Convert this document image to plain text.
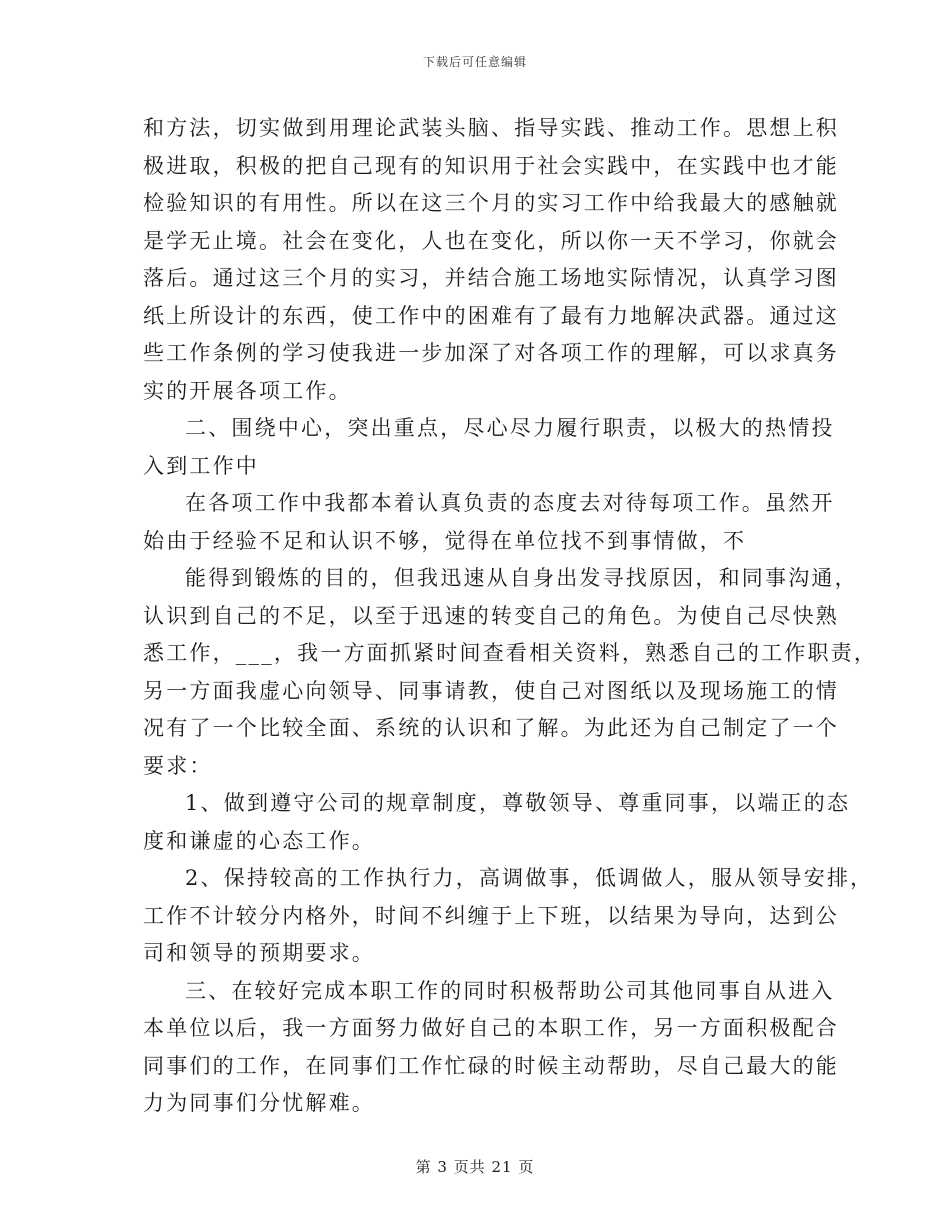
下载后可任意编辑
和方法，切实做到用理论武装头脑、指导实践、推动工作。思想上积
极进取，积极的把自己现有的知识用于社会实践中，在实践中也才能
检验知识的有用性。所以在这三个月的实习工作中给我最大的感触就
是学无止境。社会在变化，人也在变化，所以你一天不学习，你就会
落后。通过这三个月的实习，并结合施工场地实际情况，认真学习图
纸上所设计的东西，使工作中的困难有了最有力地解决武器。通过这
些工作条例的学习使我进一步加深了对各项工作的理解，可以求真务
实的开展各项工作。
二、围绕中心，突出重点，尽心尽力履行职责，以极大的热情投
入到工作中
在各项工作中我都本着认真负责的态度去对待每项工作。虽然开
始由于经验不足和认识不够，觉得在单位找不到事情做，不
能得到锻炼的目的，但我迅速从自身出发寻找原因，和同事沟通，
认识到自己的不足，以至于迅速的转变自己的角色。为使自己尽快熟
悉工作，___，我一方面抓紧时间查看相关资料，熟悉自己的工作职责，
另一方面我虚心向领导、同事请教，使自己对图纸以及现场施工的情
况有了一个比较全面、系统的认识和了解。为此还为自己制定了一个
要求：
1、做到遵守公司的规章制度，尊敬领导、尊重同事，以端正的态
度和谦虚的心态工作。
2、保持较高的工作执行力，高调做事，低调做人，服从领导安排，
工作不计较分内格外，时间不纠缠于上下班，以结果为导向，达到公
司和领导的预期要求。
三、在较好完成本职工作的同时积极帮助公司其他同事自从进入
本单位以后，我一方面努力做好自己的本职工作，另一方面积极配合
同事们的工作，在同事们工作忙碌的时候主动帮助，尽自己最大的能
力为同事们分忧解难。
第 3 页共 21 页
